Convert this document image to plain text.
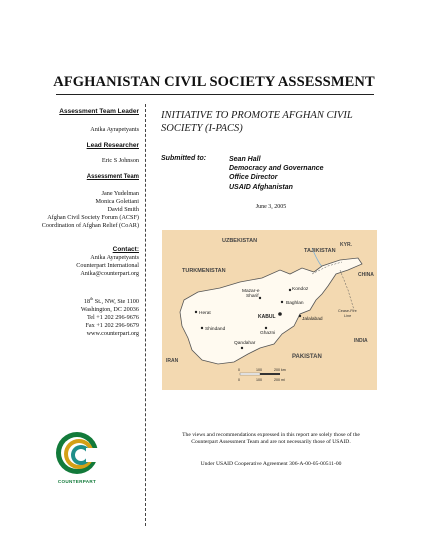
AFGHANISTAN CIVIL SOCIETY ASSESSMENT
Assessment Team Leader
Anika Ayrapetyants
Lead Researcher
Eric S Johnson
Assessment Team
Jane Yudelman
Monica Goletiani
David Smith
Afghan Civil Society Forum (ACSF)
Coordination of Afghan Relief (CoAR)
Contact:
Anika Ayrapetyants
Counterpart International
Anika@counterpart.org
18th St., NW, Ste 1100
Washington, DC 20036
Tel +1 202 296-9676
Fax +1 202 296-9679
www.counterpart.org
COUNTERPART
INITIATIVE TO PROMOTE AFGHAN CIVIL
SOCIETY (I-PACS)
Submitted to:	Sean Hall
Democracy and Governance
Office Director
USAID Afghanistan
June 3, 2005
UZBEKISTAN
TAJIKISTAN
KYR.
TURKMENISTAN
CHINA
PAKISTAN
INDIA
IRAN
Mazar-e
Sharif
Kondoz
Baghlan
KABUL	Jalalabad
Herat
Shindand
Ghazni
Qandahar
Cease-Fire
Line
0	100	200 km
0	100	200 mi
The views and recommendations expressed in this report are solely those of the
Counterpart Assessment Team and are not necessarily those of USAID.
Under USAID Cooperative Agreement 306-A-00-05-00511-00
